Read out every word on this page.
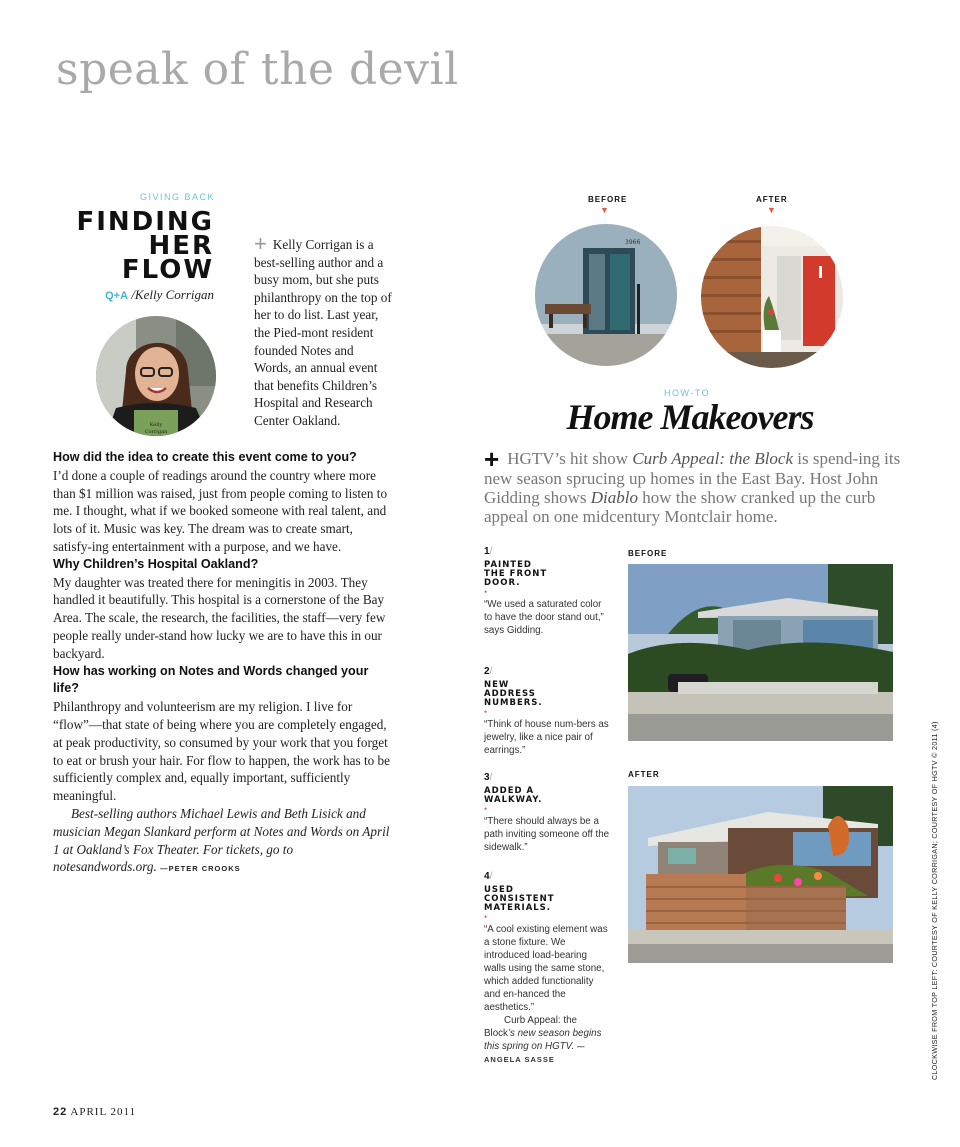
speak of the devil
GIVING BACK
FINDING
HER
FLOW
Q+A /Kelly Corrigan
Kelly
Corrigan
+ Kelly Corrigan is a best-selling author and a busy mom, but she puts philanthropy on the top of her to do list. Last year, the Pied-mont resident founded Notes and Words, an annual event that benefits Children’s Hospital and Research Center Oakland.

How did the idea to create this event come to you?

I’d done a couple of readings around the country where more than $1 million was raised, just from people coming to listen to me. I thought, what if we booked someone with real talent, and lots of it. Music was key. The dream was to create smart, satisfy-ing entertainment with a purpose, and we have.

Why Children’s Hospital Oakland?

My daughter was treated there for meningitis in 2003. They handled it beautifully. This hospital is a cornerstone of the Bay Area. The scale, the research, the facilities, the staff—very few people really under-stand how lucky we are to have this in our backyard.

How has working on Notes and Words changed your life?

Philanthropy and volunteerism are my religion. I live for “flow”—that state of being where you are completely engaged, at peak productivity, so consumed by your work that you forget to eat or brush your hair. For flow to happen, the work has to be sufficiently complex and, equally important, sufficiently meaningful.

Best-selling authors Michael Lewis and Beth Lisick and musician Megan Slankard perform at Notes and Words on April 1 at Oakland’s Fox Theater. For tickets, go to notesandwords.org. —PETER CROOKS

BEFORE
▼
AFTER
▼
3966
HOW-TO
Home Makeovers
+ HGTV’s hit show Curb Appeal: the Block is spend-ing its new season sprucing up homes in the East Bay. Host John Gidding shows Diablo how the show cranked up the curb appeal on one midcentury Montclair home.
1/
PAINTED THE FRONT DOOR.
•
“We used a saturated color to have the door stand out,” says Gidding.
2/
NEW ADDRESS NUMBERS.
•
“Think of house num-bers as jewelry, like a nice pair of earrings.”
3/
ADDED A WALKWAY.
•
“There should always be a path inviting someone off the sidewalk.”
4/
USED CONSISTENT MATERIALS.
•
“A cool existing element was a stone fixture. We introduced load-bearing walls using the same stone, which added functionality and en-hanced the aesthetics.”
Curb Appeal: the Block’s new season begins this spring on HGTV. —ANGELA SASSE
BEFORE
AFTER	CLOCKWISE FROM TOP LEFT: COURTESY OF KELLY CORRIGAN; COURTESY OF HGTV © 2011 (4)
22 APRIL 2011
